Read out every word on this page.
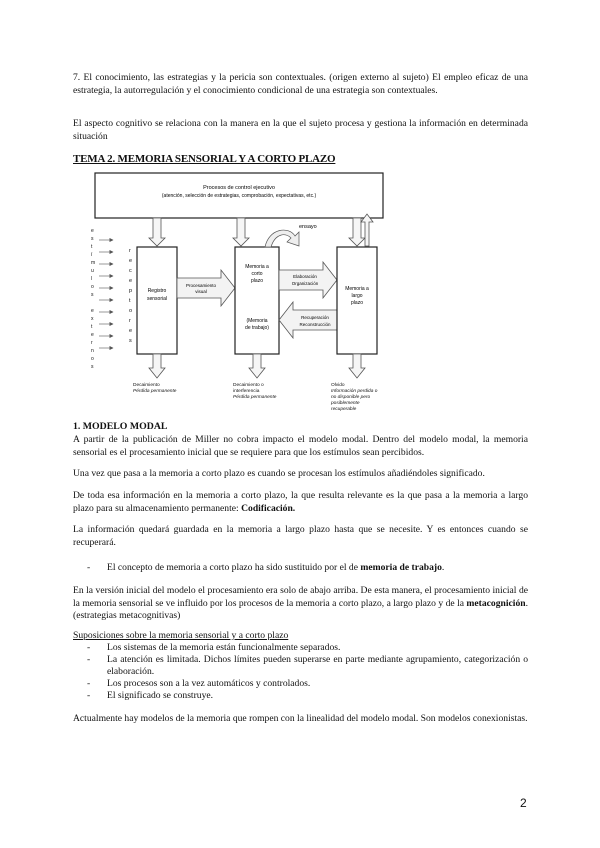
7. El conocimiento, las estrategias y la pericia son contextuales. (origen externo al sujeto) El empleo eficaz de una estrategia, la autorregulación y el conocimiento condicional de una estrategia son contextuales.
El aspecto cognitivo se relaciona con la manera en la que el sujeto procesa y gestiona la información en determinada situación
TEMA 2. MEMORIA SENSORIAL Y A CORTO PLAZO
Procesos de control ejecutivo
(atención, selección de estrategias, comprobación, expectativas, etc.)
e
s
t
í
m
u
l
o
s
e
x
t
e
r
n
o
s
r
e
c
e
p
t
o
r
e
s
Registro
sensorial
Procesamiento
visual
Memoria a
corto
plazo
(Memoria
de trabajo)
ensayo
Elaboración
Organización
Recuperación
Reconstrucción
Memoria a
largo
plazo
Decaimiento
Pérdida permanente
Decaimiento o
interferencia
Pérdida permanente
Olvido
Información perdida o
no disponible pero
posiblemente
recuperable
1. MODELO MODAL
A partir de la publicación de Miller no cobra impacto el modelo modal. Dentro del modelo modal, la memoria sensorial es el procesamiento inicial que se requiere para que los estímulos sean percibidos.
Una vez que pasa a la memoria a corto plazo es cuando se procesan los estímulos añadiéndoles significado.
De toda esa información en la memoria a corto plazo, la que resulta relevante es la que pasa a la memoria a largo plazo para su almacenamiento permanente: Codificación.
La información quedará guardada en la memoria a largo plazo hasta que se necesite. Y es entonces cuando se recuperará.
-	El concepto de memoria a corto plazo ha sido sustituido por el de memoria de trabajo.
En la versión inicial del modelo el procesamiento era solo de abajo arriba. De esta manera, el procesamiento inicial de la memoria sensorial se ve influido por los procesos de la memoria a corto plazo, a largo plazo y de la metacognición. (estrategias metacognitivas)
Suposiciones sobre la memoria sensorial y a corto plazo
-	Los sistemas de la memoria están funcionalmente separados.
-	La atención es limitada. Dichos límites pueden superarse en parte mediante agrupamiento, categorización o elaboración.
-	Los procesos son a la vez automáticos y controlados.
-	El significado se construye.
Actualmente hay modelos de la memoria que rompen con la linealidad del modelo modal. Son modelos conexionistas.
2
